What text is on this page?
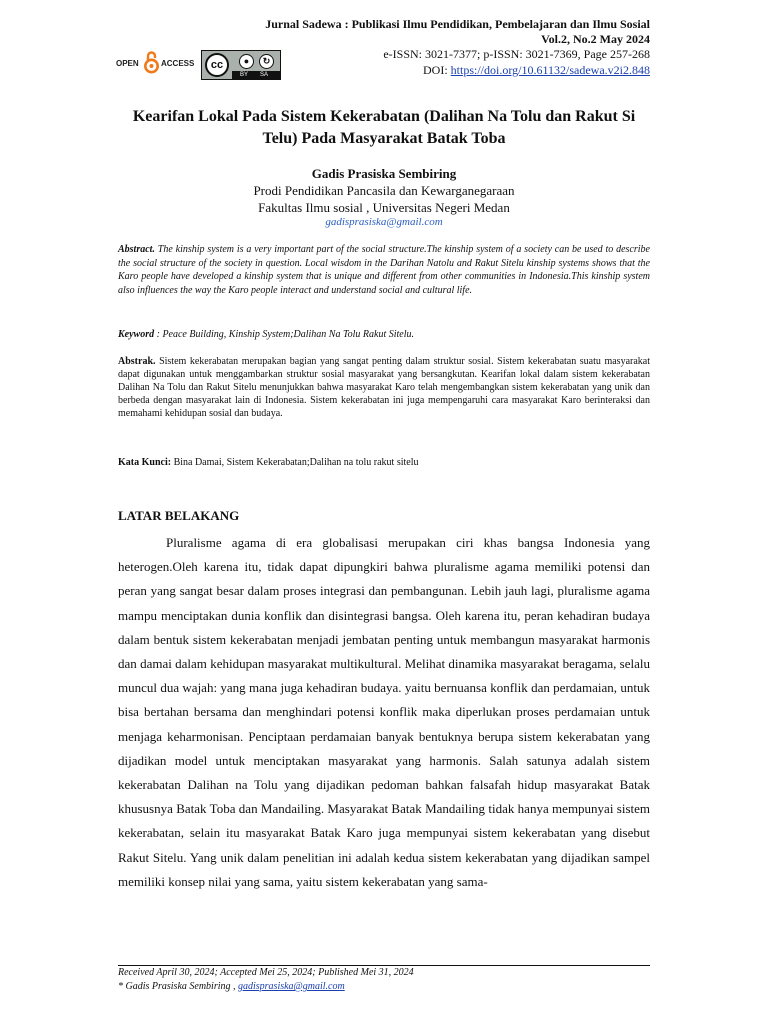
OPEN	ACCESS	cc	●	↻
BY SA
Jurnal Sadewa : Publikasi Ilmu Pendidikan, Pembelajaran dan Ilmu Sosial
Vol.2, No.2 May 2024
e-ISSN: 3021-7377; p-ISSN: 3021-7369, Page 257-268
DOI: https://doi.org/10.61132/sadewa.v2i2.848
Kearifan Lokal Pada Sistem Kekerabatan (Dalihan Na Tolu dan Rakut Si Telu) Pada Masyarakat Batak Toba
Gadis Prasiska Sembiring
Prodi Pendidikan Pancasila dan Kewarganegaraan
Fakultas Ilmu sosial , Universitas Negeri Medan
gadisprasiska@gmail.com
Abstract. The kinship system is a very important part of the social structure.The kinship system of a society can be used to describe the social structure of the society in question. Local wisdom in the Darihan Natolu and Rakut Sitelu kinship systems shows that the Karo people have developed a kinship system that is unique and different from other communities in Indonesia.This kinship system also influences the way the Karo people interact and understand social and cultural life.
Keyword : Peace Building, Kinship System;Dalihan Na Tolu Rakut Sitelu.
Abstrak. Sistem kekerabatan merupakan bagian yang sangat penting dalam struktur sosial. Sistem kekerabatan suatu masyarakat dapat digunakan untuk menggambarkan struktur sosial masyarakat yang bersangkutan. Kearifan lokal dalam sistem kekerabatan Dalihan Na Tolu dan Rakut Sitelu menunjukkan bahwa masyarakat Karo telah mengembangkan sistem kekerabatan yang unik dan berbeda dengan masyarakat lain di Indonesia. Sistem kekerabatan ini juga mempengaruhi cara masyarakat Karo berinteraksi dan memahami kehidupan sosial dan budaya.
Kata Kunci: Bina Damai, Sistem Kekerabatan;Dalihan na tolu rakut sitelu
LATAR BELAKANG
Pluralisme agama di era globalisasi merupakan ciri khas bangsa Indonesia yang heterogen.Oleh karena itu, tidak dapat dipungkiri bahwa pluralisme agama memiliki potensi dan peran yang sangat besar dalam proses integrasi dan pembangunan. Lebih jauh lagi, pluralisme agama mampu menciptakan dunia konflik dan disintegrasi bangsa. Oleh karena itu, peran kehadiran budaya dalam bentuk sistem kekerabatan menjadi jembatan penting untuk membangun masyarakat harmonis dan damai dalam kehidupan masyarakat multikultural. Melihat dinamika masyarakat beragama, selalu muncul dua wajah: yang mana juga kehadiran budaya. yaitu bernuansa konflik dan perdamaian, untuk bisa bertahan bersama dan menghindari potensi konflik maka diperlukan proses perdamaian untuk menjaga keharmonisan. Penciptaan perdamaian banyak bentuknya berupa sistem kekerabatan yang dijadikan model untuk menciptakan masyarakat yang harmonis. Salah satunya adalah sistem kekerabatan Dalihan na Tolu yang dijadikan pedoman bahkan falsafah hidup masyarakat Batak khususnya Batak Toba dan Mandailing. Masyarakat Batak Mandailing tidak hanya mempunyai sistem kekerabatan, selain itu masyarakat Batak Karo juga mempunyai sistem kekerabatan yang disebut Rakut Sitelu. Yang unik dalam penelitian ini adalah kedua sistem kekerabatan yang dijadikan sampel memiliki konsep nilai yang sama, yaitu sistem kekerabatan yang sama-
Received April 30, 2024; Accepted Mei 25, 2024; Published Mei 31, 2024
* Gadis Prasiska Sembiring , gadisprasiska@gmail.com
